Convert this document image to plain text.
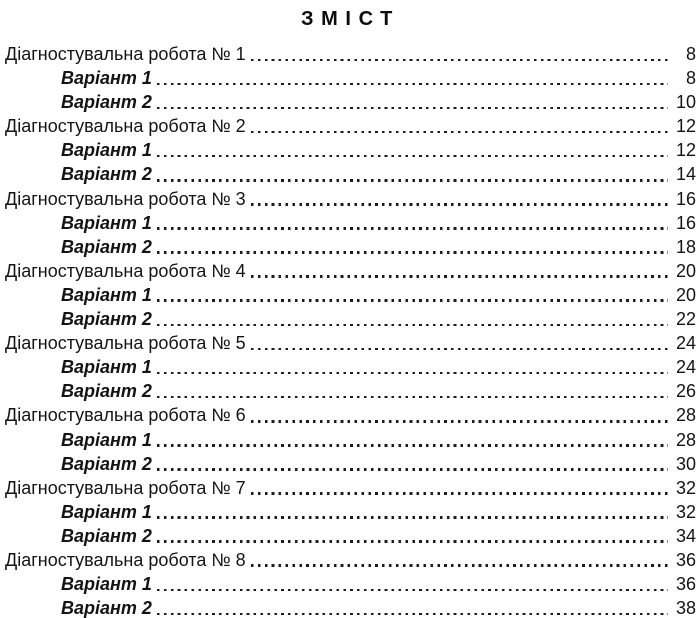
ЗМІСТ
Діагностувальна робота № 1	8
Варіант 1	8
Варіант 2	10
Діагностувальна робота № 2	12
Варіант 1	12
Варіант 2	14
Діагностувальна робота № 3	16
Варіант 1	16
Варіант 2	18
Діагностувальна робота № 4	20
Варіант 1	20
Варіант 2	22
Діагностувальна робота № 5	24
Варіант 1	24
Варіант 2	26
Діагностувальна робота № 6	28
Варіант 1	28
Варіант 2	30
Діагностувальна робота № 7	32
Варіант 1	32
Варіант 2	34
Діагностувальна робота № 8	36
Варіант 1	36
Варіант 2	38
